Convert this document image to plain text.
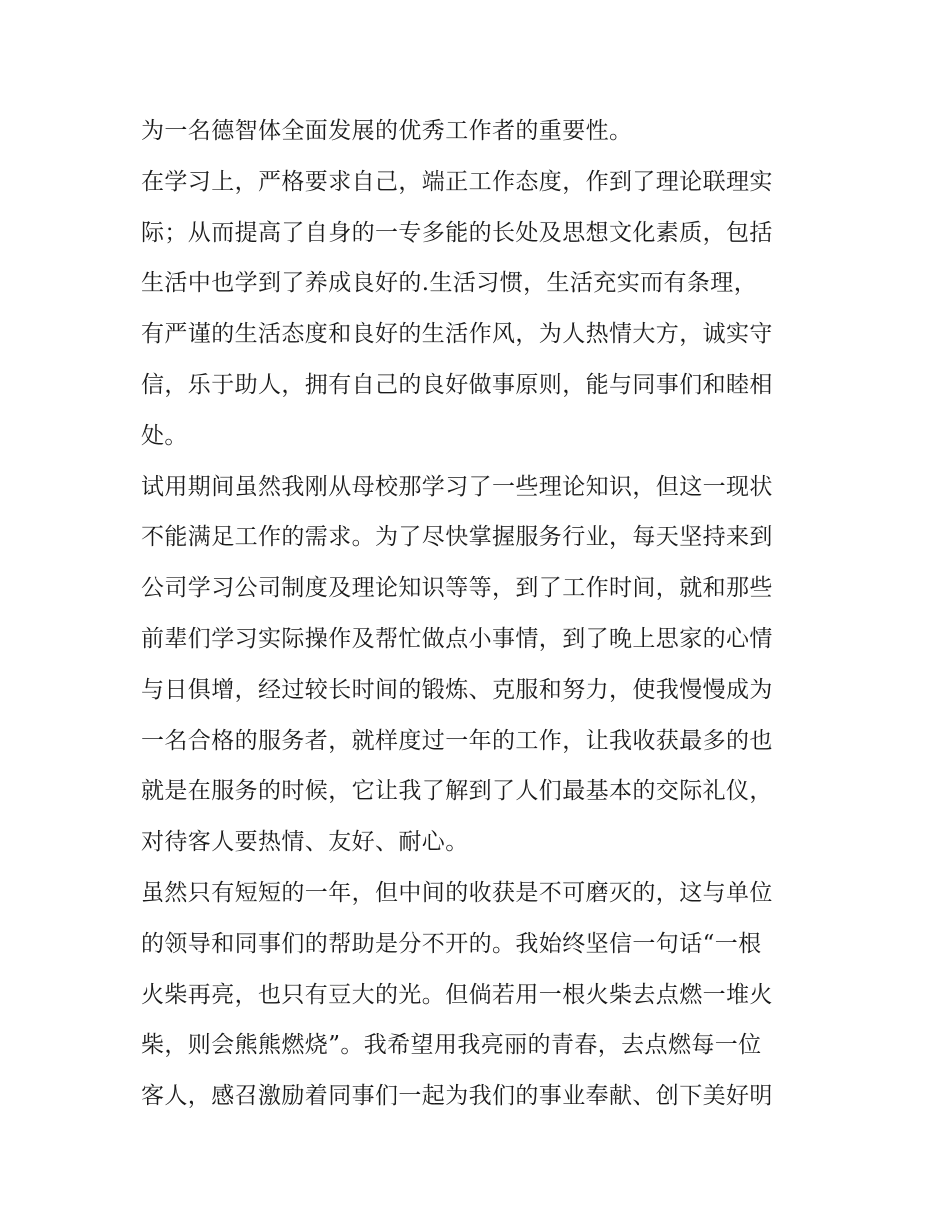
为一名德智体全面发展的优秀工作者的重要性。
在学习上，严格要求自己，端正工作态度，作到了理论联理实
际；从而提高了自身的一专多能的长处及思想文化素质，包括
生活中也学到了养成良好的.生活习惯，生活充实而有条理，
有严谨的生活态度和良好的生活作风，为人热情大方，诚实守
信，乐于助人，拥有自己的良好做事原则，能与同事们和睦相
处。
试用期间虽然我刚从母校那学习了一些理论知识，但这一现状
不能满足工作的需求。为了尽快掌握服务行业，每天坚持来到
公司学习公司制度及理论知识等等，到了工作时间，就和那些
前辈们学习实际操作及帮忙做点小事情，到了晚上思家的心情
与日俱增，经过较长时间的锻炼、克服和努力，使我慢慢成为
一名合格的服务者，就样度过一年的工作，让我收获最多的也
就是在服务的时候，它让我了解到了人们最基本的交际礼仪，
对待客人要热情、友好、耐心。
虽然只有短短的一年，但中间的收获是不可磨灭的，这与单位
的领导和同事们的帮助是分不开的。我始终坚信一句话“一根
火柴再亮，也只有豆大的光。但倘若用一根火柴去点燃一堆火
柴，则会熊熊燃烧”。我希望用我亮丽的青春，去点燃每一位
客人，感召激励着同事们一起为我们的事业奉献、创下美好明
